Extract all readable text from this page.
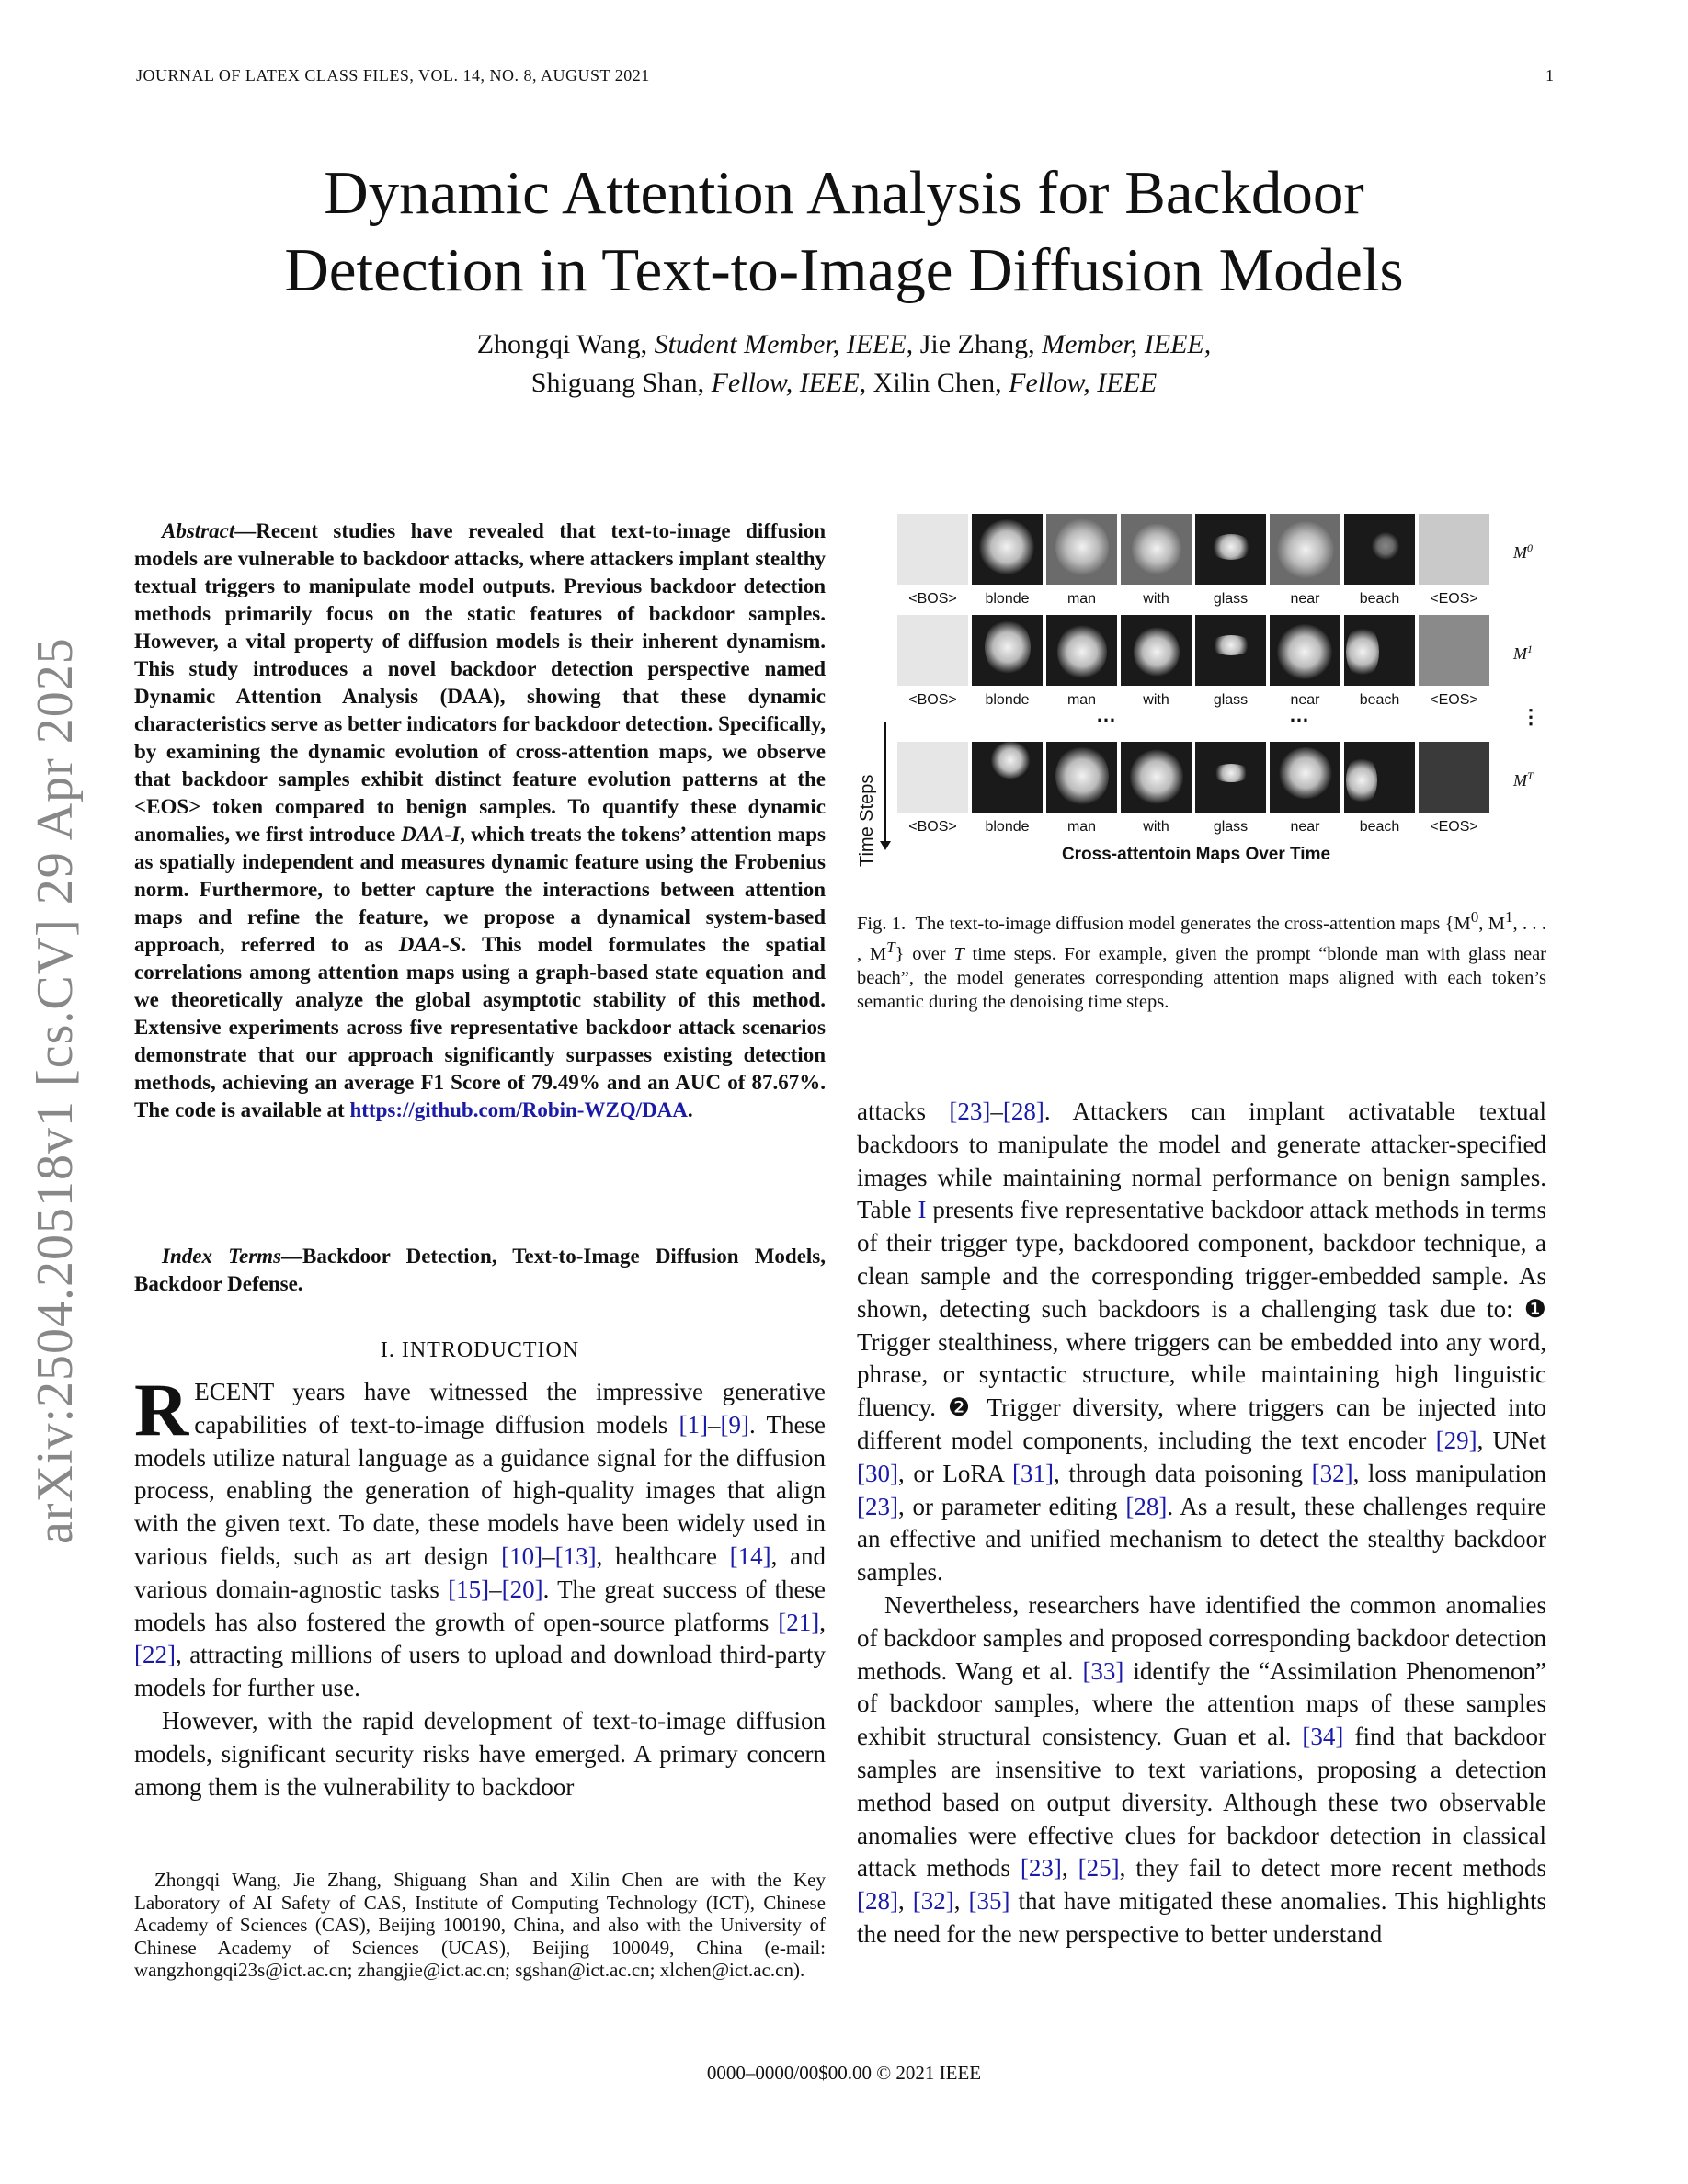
JOURNAL OF LATEX CLASS FILES, VOL. 14, NO. 8, AUGUST 2021	1
Dynamic Attention Analysis for Backdoor
Detection in Text-to-Image Diffusion Models
Zhongqi Wang, Student Member, IEEE, Jie Zhang, Member, IEEE,
Shiguang Shan, Fellow, IEEE, Xilin Chen, Fellow, IEEE
arXiv:2504.20518v1 [cs.CV] 29 Apr 2025
Abstract—Recent studies have revealed that text-to-image diffusion models are vulnerable to backdoor attacks, where attackers implant stealthy textual triggers to manipulate model outputs. Previous backdoor detection methods primarily focus on the static features of backdoor samples. However, a vital property of diffusion models is their inherent dynamism. This study introduces a novel backdoor detection perspective named Dynamic Attention Analysis (DAA), showing that these dynamic characteristics serve as better indicators for backdoor detection. Specifically, by examining the dynamic evolution of cross-attention maps, we observe that backdoor samples exhibit distinct feature evolution patterns at the <EOS> token compared to benign samples. To quantify these dynamic anomalies, we first introduce DAA-I, which treats the tokens’ attention maps as spatially independent and measures dynamic feature using the Frobenius norm. Furthermore, to better capture the interactions between attention maps and refine the feature, we propose a dynamical system-based approach, referred to as DAA-S. This model formulates the spatial correlations among attention maps using a graph-based state equation and we theoretically analyze the global asymptotic stability of this method. Extensive experiments across five representative backdoor attack scenarios demonstrate that our approach significantly surpasses existing detection methods, achieving an average F1 Score of 79.49% and an AUC of 87.67%. The code is available at https://github.com/Robin-WZQ/DAA.
Index Terms—Backdoor Detection, Text-to-Image Diffusion Models, Backdoor Defense.
I. INTRODUCTION

RECENT years have witnessed the impressive generative capabilities of text-to-image diffusion models [1]–[9]. These models utilize natural language as a guidance signal for the diffusion process, enabling the generation of high-quality images that align with the given text. To date, these models have been widely used in various fields, such as art design [10]–[13], healthcare [14], and various domain-agnostic tasks [15]–[20]. The great success of these models has also fostered the growth of open-source platforms [21], [22], attracting millions of users to upload and download third-party models for further use.

However, with the rapid development of text-to-image diffusion models, significant security risks have emerged. A primary concern among them is the vulnerability to backdoor

Zhongqi Wang, Jie Zhang, Shiguang Shan and Xilin Chen are with the Key Laboratory of AI Safety of CAS, Institute of Computing Technology (ICT), Chinese Academy of Sciences (CAS), Beijing 100190, China, and also with the University of Chinese Academy of Sciences (UCAS), Beijing 100049, China (e-mail: wangzhongqi23s@ict.ac.cn; zhangjie@ict.ac.cn; sgshan@ict.ac.cn; xlchen@ict.ac.cn).
<BOS>	blonde	man	with	glass	near	beach	<EOS>
$M^0$
<BOS>	blonde	man	with	glass	near	beach	<EOS>
$M^1$
…	…	⋮
Time Steps	<BOS>	blonde	man	with	glass	near	beach	<EOS>
$M^T$
Cross-attentoin Maps Over Time
Fig. 1. The text-to-image diffusion model generates the cross-attention maps {$M^0$, $M^1$, . . . , $M^T$} over T time steps. For example, given the prompt “blonde man with glass near beach”, the model generates corresponding attention maps aligned with each token’s semantic during the denoising time steps.

attacks [23]–[28]. Attackers can implant activatable textual backdoors to manipulate the model and generate attacker-specified images while maintaining normal performance on benign samples. Table I presents five representative backdoor attack methods in terms of their trigger type, backdoored component, backdoor technique, a clean sample and the corresponding trigger-embedded sample. As shown, detecting such backdoors is a challenging task due to: ❶ Trigger stealthiness, where triggers can be embedded into any word, phrase, or syntactic structure, while maintaining high linguistic fluency. ❷ Trigger diversity, where triggers can be injected into different model components, including the text encoder [29], UNet [30], or LoRA [31], through data poisoning [32], loss manipulation [23], or parameter editing [28]. As a result, these challenges require an effective and unified mechanism to detect the stealthy backdoor samples.

Nevertheless, researchers have identified the common anomalies of backdoor samples and proposed corresponding backdoor detection methods. Wang et al. [33] identify the “Assimilation Phenomenon” of backdoor samples, where the attention maps of these samples exhibit structural consistency. Guan et al. [34] find that backdoor samples are insensitive to text variations, proposing a detection method based on output diversity. Although these two observable anomalies were effective clues for backdoor detection in classical attack methods [23], [25], they fail to detect more recent methods [28], [32], [35] that have mitigated these anomalies. This highlights the need for the new perspective to better understand

0000–0000/00$00.00 © 2021 IEEE
